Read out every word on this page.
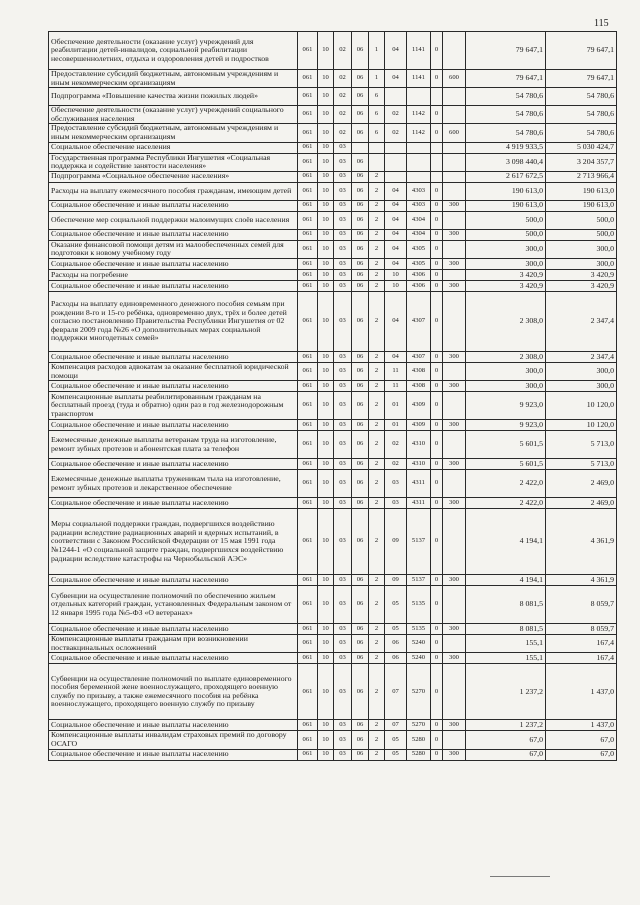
115
Обеспечение деятельности (оказание услуг) учреждений для реабилитации детей-инвалидов, социальной реабилитации несовершеннолетних, отдыха и оздоровления детей и подростков	061	10	02	06	1	04	1141	0		79 647,1	79 647,1
Предоставление субсидий бюджетным, автономным учреждениям и иным некоммерческим организациям	061	10	02	06	1	04	1141	0	600	79 647,1	79 647,1
Подпрограмма «Повышение качества жизни пожилых людей»	061	10	02	06	6					54 780,6	54 780,6
Обеспечение деятельности (оказание услуг) учреждений социального обслуживания населения	061	10	02	06	6	02	1142	0		54 780,6	54 780,6
Предоставление субсидий бюджетным, автономным учреждениям и иным некоммерческим организациям	061	10	02	06	6	02	1142	0	600	54 780,6	54 780,6
Социальное обеспечение населения	061	10	03							4 919 933,5	5 030 424,7
Государственная программа Республики Ингушетия «Социальная поддержка и содействие занятости населения»	061	10	03	06						3 098 440,4	3 204 357,7
Подпрограмма «Социальное обеспечение населения»	061	10	03	06	2					2 617 672,5	2 713 966,4
Расходы на выплату ежемесячного пособия гражданам, имеющим детей	061	10	03	06	2	04	4303	0		190 613,0	190 613,0
Социальное обеспечение и иные выплаты населению	061	10	03	06	2	04	4303	0	300	190 613,0	190 613,0
Обеспечение мер социальной поддержки малоимущих слоёв населения	061	10	03	06	2	04	4304	0		500,0	500,0
Социальное обеспечение и иные выплаты населению	061	10	03	06	2	04	4304	0	300	500,0	500,0
Оказание финансовой помощи детям из малообеспеченных семей для подготовки к новому учебному году	061	10	03	06	2	04	4305	0		300,0	300,0
Социальное обеспечение и иные выплаты населению	061	10	03	06	2	04	4305	0	300	300,0	300,0
Расходы на погребение	061	10	03	06	2	10	4306	0		3 420,9	3 420,9
Социальное обеспечение и иные выплаты населению	061	10	03	06	2	10	4306	0	300	3 420,9	3 420,9
Расходы на выплату единовременного денежного пособия семьям при рождении 8-го и 15-го ребёнка, одновременно двух, трёх и более детей согласно постановлению Правительства Республики Ингушетия от 02 февраля 2009 года №26 «О дополнительных мерах социальной поддержки многодетных семей»	061	10	03	06	2	04	4307	0		2 308,0	2 347,4
Социальное обеспечение и иные выплаты населению	061	10	03	06	2	04	4307	0	300	2 308,0	2 347,4
Компенсация расходов адвокатам за оказание бесплатной юридической помощи	061	10	03	06	2	11	4308	0		300,0	300,0
Социальное обеспечение и иные выплаты населению	061	10	03	06	2	11	4308	0	300	300,0	300,0
Компенсационные выплаты реабилитированным гражданам на бесплатный проезд (туда и обратно) один раз в год железнодорожным транспортом	061	10	03	06	2	01	4309	0		9 923,0	10 120,0
Социальное обеспечение и иные выплаты населению	061	10	03	06	2	01	4309	0	300	9 923,0	10 120,0
Ежемесячные денежные выплаты ветеранам труда на изготовление, ремонт зубных протезов и абонентская плата за телефон	061	10	03	06	2	02	4310	0		5 601,5	5 713,0
Социальное обеспечение и иные выплаты населению	061	10	03	06	2	02	4310	0	300	5 601,5	5 713,0
Ежемесячные денежные выплаты труженикам тыла на изготовление, ремонт зубных протезов и лекарственное обеспечение	061	10	03	06	2	03	4311	0		2 422,0	2 469,0
Социальное обеспечение и иные выплаты населению	061	10	03	06	2	03	4311	0	300	2 422,0	2 469,0
Меры социальной поддержки граждан, подвергшихся воздействию радиации вследствие радиационных аварий и ядерных испытаний, в соответствии с Законом Российской Федерации от 15 мая 1991 года №1244-1 «О социальной защите граждан, подвергшихся воздействию радиации вследствие катастрофы на Чернобыльской АЭС»	061	10	03	06	2	09	5137	0		4 194,1	4 361,9
Социальное обеспечение и иные выплаты населению	061	10	03	06	2	09	5137	0	300	4 194,1	4 361,9
Субвенции на осуществление полномочий по обеспечению жильем отдельных категорий граждан, установленных Федеральным законом от 12 января 1995 года №5-ФЗ «О ветеранах»	061	10	03	06	2	05	5135	0		8 081,5	8 059,7
Социальное обеспечение и иные выплаты населению	061	10	03	06	2	05	5135	0	300	8 081,5	8 059,7
Компенсационные выплаты гражданам при возникновении поствакцинальных осложнений	061	10	03	06	2	06	5240	0		155,1	167,4
Социальное обеспечение и иные выплаты населению	061	10	03	06	2	06	5240	0	300	155,1	167,4
Субвенции на осуществление полномочий по выплате единовременного пособия беременной жене военнослужащего, проходящего военную службу по призыву, а также ежемесячного пособия на ребёнка военнослужащего, проходящего военную службу по призыву	061	10	03	06	2	07	5270	0		1 237,2	1 437,0
Социальное обеспечение и иные выплаты населению	061	10	03	06	2	07	5270	0	300	1 237,2	1 437,0
Компенсационные выплаты инвалидам страховых премий по договору ОСАГО	061	10	03	06	2	05	5280	0		67,0	67,0
Социальное обеспечение и иные выплаты населению	061	10	03	06	2	05	5280	0	300	67,0	67,0
